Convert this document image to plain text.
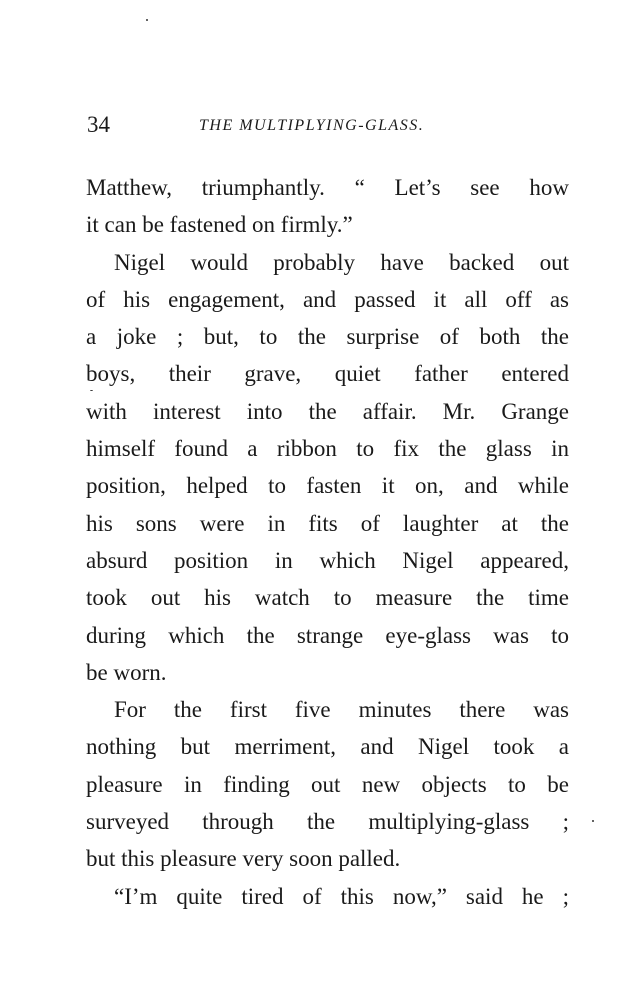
34	THE MULTIPLYING-GLASS.
Matthew, triumphantly. “ Let’s see how
it can be fastened on firmly.”
Nigel would probably have backed out
of his engagement, and passed it all off as
a joke ; but, to the surprise of both the
boys, their grave, quiet father entered
with interest into the affair. Mr. Grange
himself found a ribbon to fix the glass in
position, helped to fasten it on, and while
his sons were in fits of laughter at the
absurd position in which Nigel appeared,
took out his watch to measure the time
during which the strange eye-glass was to
be worn.
For the first five minutes there was
nothing but merriment, and Nigel took a
pleasure in finding out new objects to be
surveyed through the multiplying-glass ;
but this pleasure very soon palled.
“I’m quite tired of this now,” said he ;
